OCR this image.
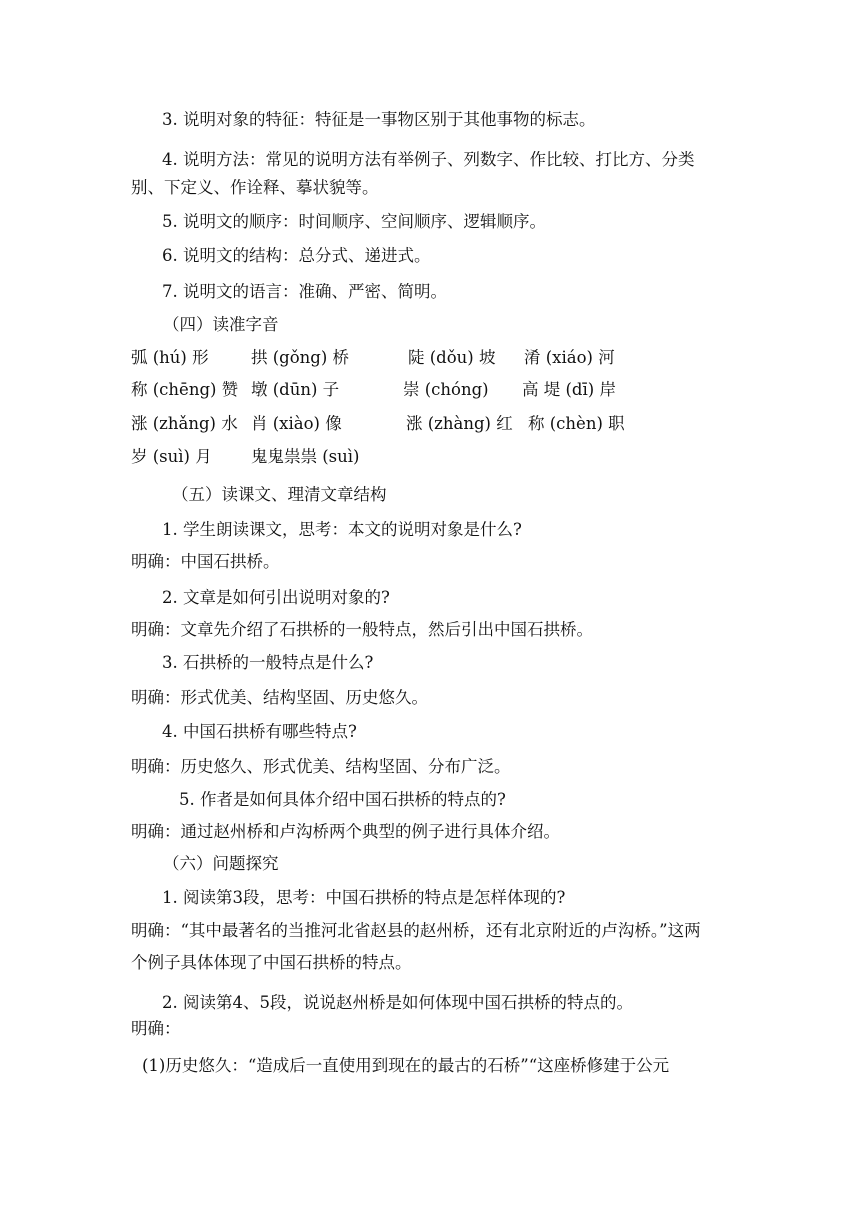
3. 说明对象的特征：特征是一事物区别于其他事物的标志。
4. 说明方法：常见的说明方法有举例子、列数字、作比较、打比方、分类
别、下定义、作诠释、摹状貌等。
5. 说明文的顺序：时间顺序、空间顺序、逻辑顺序。
6. 说明文的结构：总分式、递进式。
7. 说明文的语言：准确、严密、简明。
（四）读准字音
弧 (hú) 形	拱 (gǒng) 桥	陡 (dǒu) 坡 淆 (xiáo) 河
称 (chēng) 赞 墩 (dūn) 子	崇 (chóng) 高 堤 (dī) 岸
涨 (zhǎng) 水 肖 (xiào) 像	涨 (zhàng) 红 称 (chèn) 职
岁 (suì) 月 鬼鬼祟祟 (suì)
（五）读课文、理清文章结构
1. 学生朗读课文，思考：本文的说明对象是什么?
明确：中国石拱桥。
2. 文章是如何引出说明对象的?
明确：文章先介绍了石拱桥的一般特点，然后引出中国石拱桥。
3. 石拱桥的一般特点是什么?
明确：形式优美、结构坚固、历史悠久。
4. 中国石拱桥有哪些特点?
明确：历史悠久、形式优美、结构坚固、分布广泛。
5. 作者是如何具体介绍中国石拱桥的特点的?
明确：通过赵州桥和卢沟桥两个典型的例子进行具体介绍。
（六）问题探究
1. 阅读第3段，思考：中国石拱桥的特点是怎样体现的?
明确：“其中最著名的当推河北省赵县的赵州桥，还有北京附近的卢沟桥。”这两
个例子具体体现了中国石拱桥的特点。
2. 阅读第4、5段，说说赵州桥是如何体现中国石拱桥的特点的。
明确：
(1)历史悠久：“造成后一直使用到现在的最古的石桥”“这座桥修建于公元
